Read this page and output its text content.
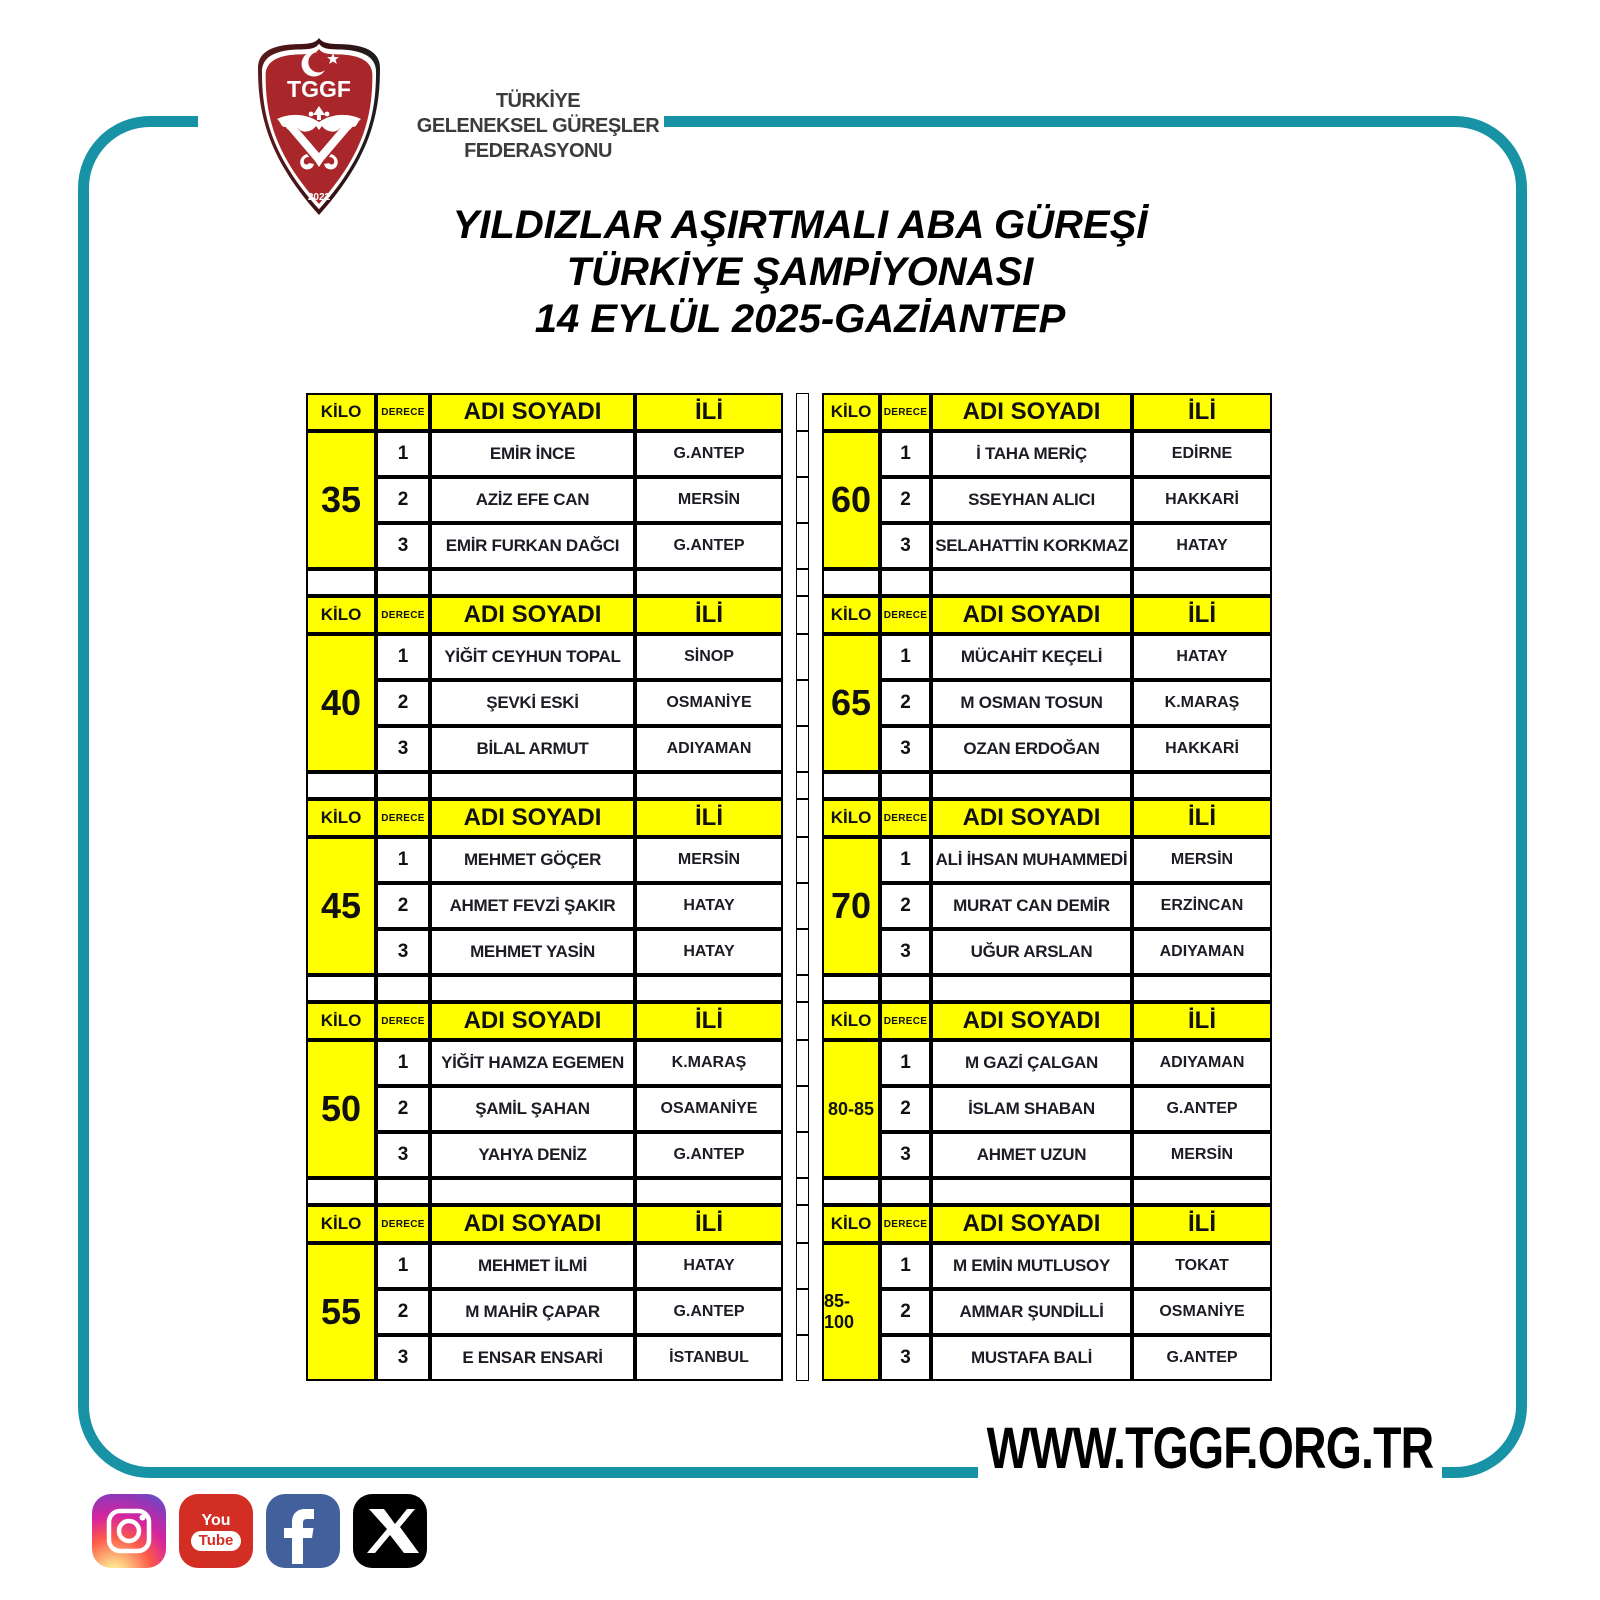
TGGF
2022
TÜRKİYE
GELENEKSEL GÜREŞLER
FEDERASYONU
YILDIZLAR AŞIRTMALI ABA GÜREŞİ
TÜRKİYE ŞAMPİYONASI
14 EYLÜL 2025-GAZİANTEP
KİLO	DERECE	ADI SOYADI	İLİ	KİLO	DERECE	ADI SOYADI	İLİ
35
1	EMİR İNCE	G.ANTEP
2	AZİZ EFE CAN	MERSİN
3	EMİR FURKAN DAĞCI	G.ANTEP
60
1	İ TAHA MERİÇ	EDİRNE
2	SSEYHAN ALICI	HAKKARİ
3	SELAHATTİN KORKMAZ	HATAY
KİLO	DERECE	ADI SOYADI	İLİ	KİLO	DERECE	ADI SOYADI	İLİ
40
1	YİĞİT CEYHUN TOPAL	SİNOP
2	ŞEVKİ ESKİ	OSMANİYE
3	BİLAL ARMUT	ADIYAMAN
65
1	MÜCAHİT KEÇELİ	HATAY
2	M OSMAN TOSUN	K.MARAŞ
3	OZAN ERDOĞAN	HAKKARİ
KİLO	DERECE	ADI SOYADI	İLİ	KİLO	DERECE	ADI SOYADI	İLİ
45
1	MEHMET GÖÇER	MERSİN
2	AHMET FEVZİ ŞAKIR	HATAY
3	MEHMET YASİN	HATAY
70
1	ALİ İHSAN MUHAMMEDİ	MERSİN
2	MURAT CAN DEMİR	ERZİNCAN
3	UĞUR ARSLAN	ADIYAMAN
KİLO	DERECE	ADI SOYADI	İLİ	KİLO	DERECE	ADI SOYADI	İLİ
50
1	YİĞİT HAMZA EGEMEN	K.MARAŞ
2	ŞAMİL ŞAHAN	OSAMANİYE
3	YAHYA DENİZ	G.ANTEP
80-85
1	M GAZİ ÇALGAN	ADIYAMAN
2	İSLAM SHABAN	G.ANTEP
3	AHMET UZUN	MERSİN
KİLO	DERECE	ADI SOYADI	İLİ	KİLO	DERECE	ADI SOYADI	İLİ
55
1	MEHMET İLMİ	HATAY
2	M MAHİR ÇAPAR	G.ANTEP
3	E ENSAR ENSARİ	İSTANBUL
85-100
1	M EMİN MUTLUSOY	TOKAT
2	AMMAR ŞUNDİLLİ	OSMANİYE
3	MUSTAFA BALİ	G.ANTEP
WWW.TGGF.ORG.TR
You
Tube
